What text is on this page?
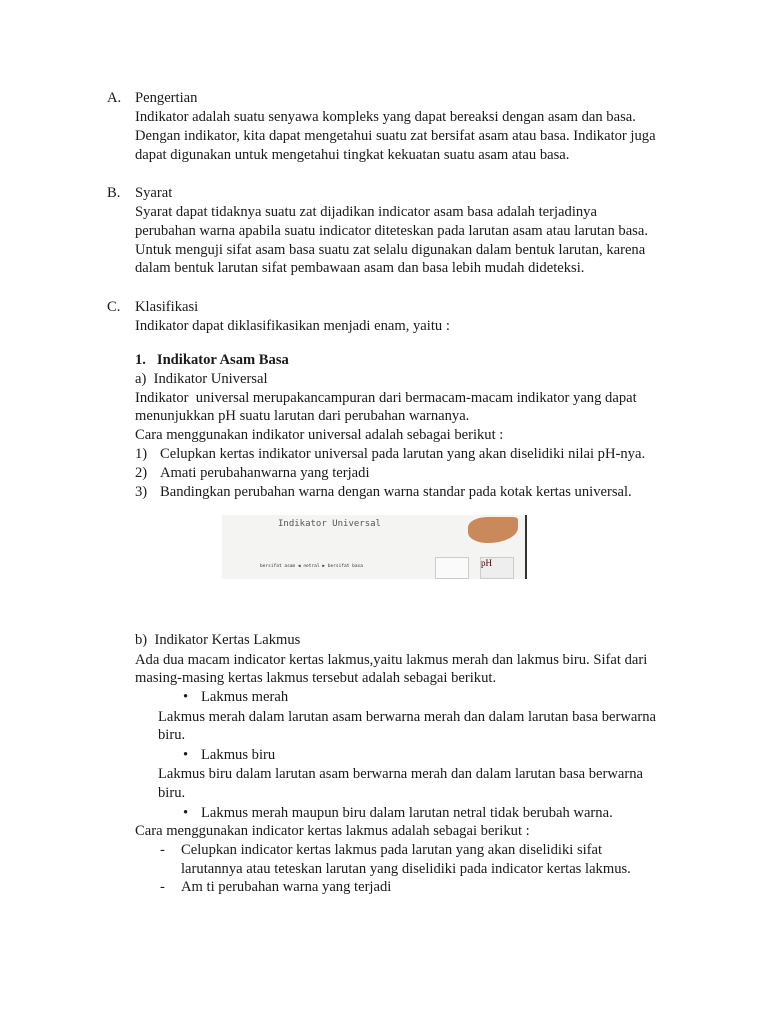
A. Pengertian
Indikator adalah suatu senyawa kompleks yang dapat bereaksi dengan asam dan basa.
Dengan indikator, kita dapat mengetahui suatu zat bersifat asam atau basa. Indikator juga
dapat digunakan untuk mengetahui tingkat kekuatan suatu asam atau basa.
B. Syarat
Syarat dapat tidaknya suatu zat dijadikan indicator asam basa adalah terjadinya
perubahan warna apabila suatu indicator diteteskan pada larutan asam atau larutan basa.
Untuk menguji sifat asam basa suatu zat selalu digunakan dalam bentuk larutan, karena
dalam bentuk larutan sifat pembawaan asam dan basa lebih mudah dideteksi.
C. Klasifikasi
Indikator dapat diklasifikasikan menjadi enam, yaitu :
1.   Indikator Asam Basa
a)  Indikator Universal
Indikator  universal merupakancampuran dari bermacam-macam indikator yang dapat
menunjukkan pH suatu larutan dari perubahan warnanya.
Cara menggunakan indikator universal adalah sebagai berikut :
1) Celupkan kertas indikator universal pada larutan yang akan diselidiki nilai pH-nya.
2) Amati perubahanwarna yang terjadi
3) Bandingkan perubahan warna dengan warna standar pada kotak kertas universal.
Indikator Universal
bersifat asam ◀ netral ▶ bersifat basa	pH
b)  Indikator Kertas Lakmus
Ada dua macam indicator kertas lakmus,yaitu lakmus merah dan lakmus biru. Sifat dari
masing-masing kertas lakmus tersebut adalah sebagai berikut.
• Lakmus merah
Lakmus merah dalam larutan asam berwarna merah dan dalam larutan basa berwarna
biru.
• Lakmus biru
Lakmus biru dalam larutan asam berwarna merah dan dalam larutan basa berwarna
biru.
• Lakmus merah maupun biru dalam larutan netral tidak berubah warna.
Cara menggunakan indicator kertas lakmus adalah sebagai berikut :
- Celupkan indicator kertas lakmus pada larutan yang akan diselidiki sifat
larutannya atau teteskan larutan yang diselidiki pada indicator kertas lakmus.
- Am ti perubahan warna yang terjadi
